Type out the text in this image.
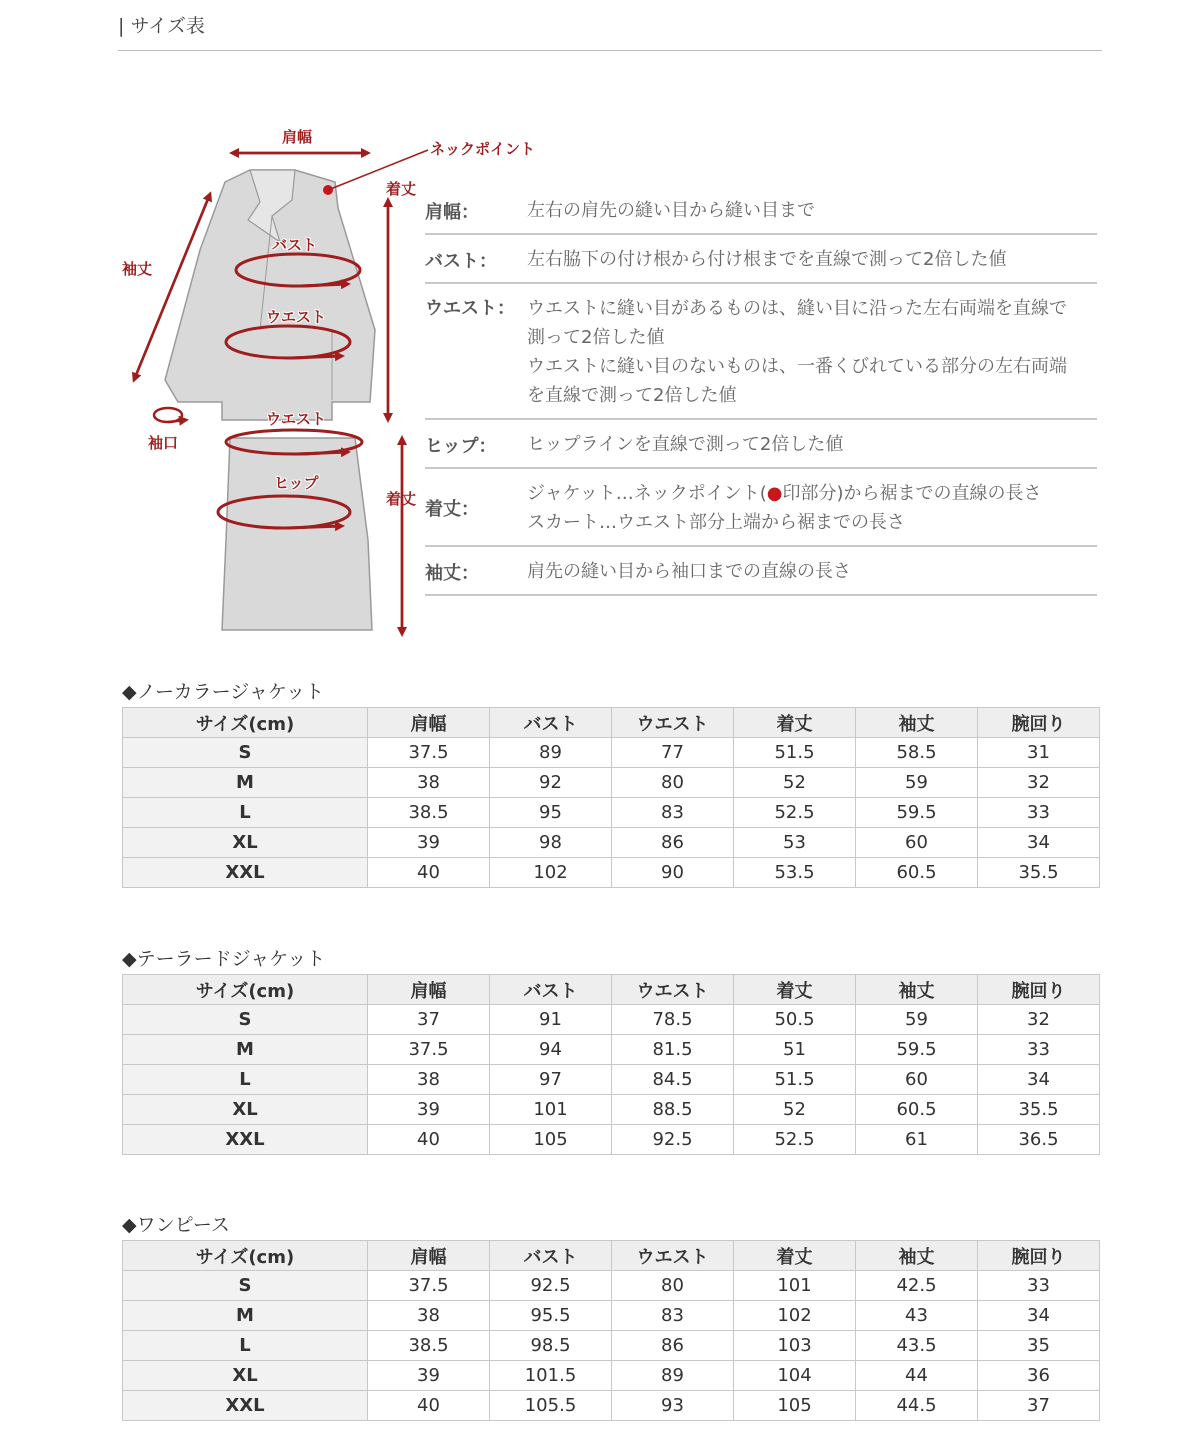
| サイズ表
肩幅
ネックポイント
着丈
袖丈
バスト
ウエスト
袖口
ウエスト
ヒップ
着丈
肩幅：	左右の肩先の縫い目から縫い目まで
バスト：	左右脇下の付け根から付け根までを直線で測って2倍した値
ウエスト： ウエストに縫い目があるものは、縫い目に沿った左右両端を直線で
測って2倍した値
ウエストに縫い目のないものは、一番くびれている部分の左右両端
を直線で測って2倍した値
ヒップ：	ヒップラインを直線で測って2倍した値
着丈：
ジャケット…ネックポイント(●印部分)から裾までの直線の長さ
スカート…ウエスト部分上端から裾までの長さ
袖丈：	肩先の縫い目から袖口までの直線の長さ
◆ノーカラージャケット
サイズ(cm)	肩幅	バスト	ウエスト	着丈	袖丈	腕回り
S	37.5	89	77	51.5	58.5	31
M	38	92	80	52	59	32
L	38.5	95	83	52.5	59.5	33
XL	39	98	86	53	60	34
XXL	40	102	90	53.5	60.5	35.5
◆テーラードジャケット
サイズ(cm)	肩幅	バスト	ウエスト	着丈	袖丈	腕回り
S	37	91	78.5	50.5	59	32
M	37.5	94	81.5	51	59.5	33
L	38	97	84.5	51.5	60	34
XL	39	101	88.5	52	60.5	35.5
XXL	40	105	92.5	52.5	61	36.5
◆ワンピース
サイズ(cm)	肩幅	バスト	ウエスト	着丈	袖丈	腕回り
S	37.5	92.5	80	101	42.5	33
M	38	95.5	83	102	43	34
L	38.5	98.5	86	103	43.5	35
XL	39	101.5	89	104	44	36
XXL	40	105.5	93	105	44.5	37
